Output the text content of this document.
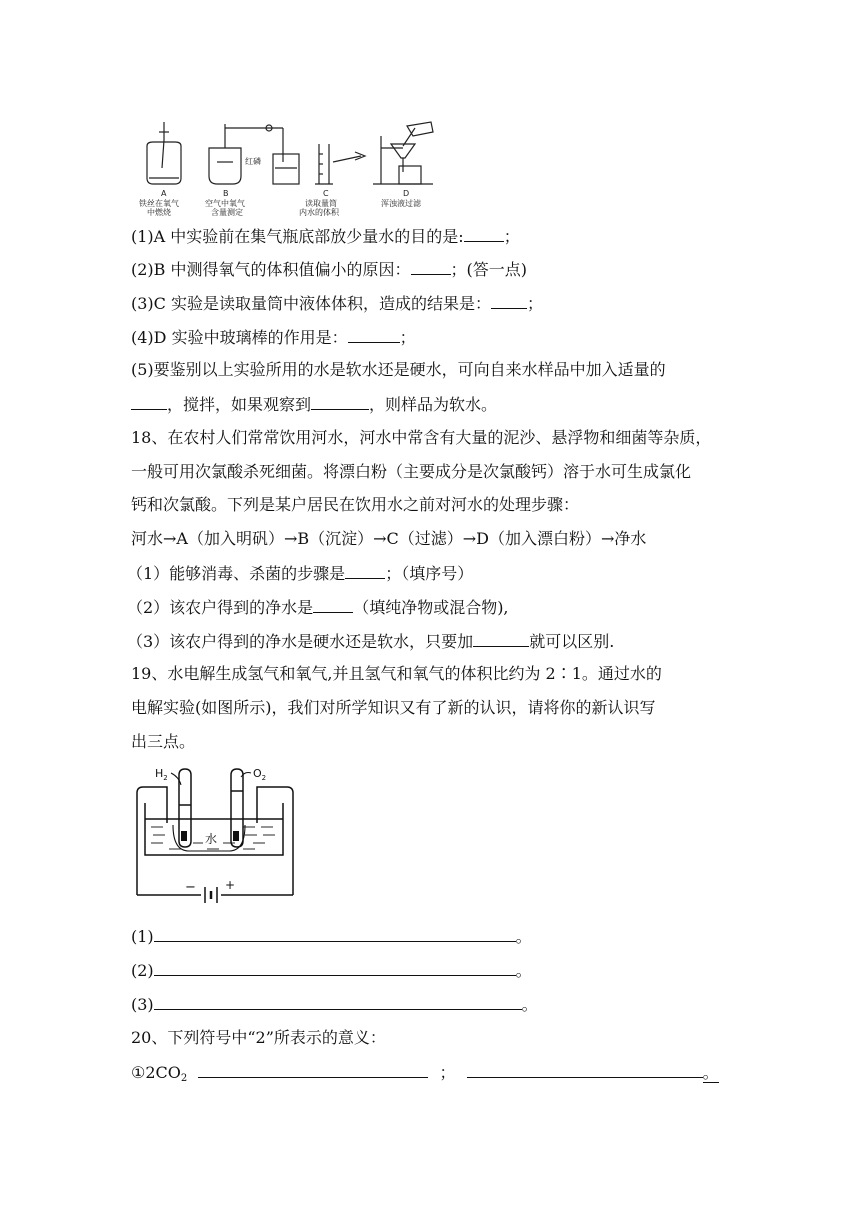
A
铁丝在氧气
中燃烧
B
空气中氧气
含量测定
红磷
C
读取量筒
内水的体积
D
浑浊液过滤
(1)A 中实验前在集气瓶底部放少量水的目的是:	；
(2)B 中测得氧气的体积值偏小的原因：	；(答一点)
(3)C 实验是读取量筒中液体体积，造成的结果是： ；
(4)D 实验中玻璃棒的作用是：	；
(5)要鉴别以上实验所用的水是软水还是硬水，可向自来水样品中加入适量的
，搅拌，如果观察到	，则样品为软水。
18、在农村人们常常饮用河水，河水中常含有大量的泥沙、悬浮物和细菌等杂质，
一般可用次氯酸杀死细菌。将漂白粉（主要成分是次氯酸钙）溶于水可生成氯化
钙和次氯酸。下列是某户居民在饮用水之前对河水的处理步骤：
河水→A（加入明矾）→B（沉淀）→C（过滤）→D（加入漂白粉）→净水
（1）能够消毒、杀菌的步骤是	；（填序号）
（2）该农户得到的净水是	（填纯净物或混合物),
（3）该农户得到的净水是硬水还是软水，只要加	就可以区别.
19、水电解生成氢气和氧气,并且氢气和氧气的体积比约为 2∶1。通过水的
电解实验(如图所示)，我们对所学知识又有了新的认识，请将你的新认识写
出三点。
$H_2$	$O_2$
水
− +
(1)	。
(2)	。
(3)	。
20、下列符号中“2”所表示的意义：
①2CO2	；	。
